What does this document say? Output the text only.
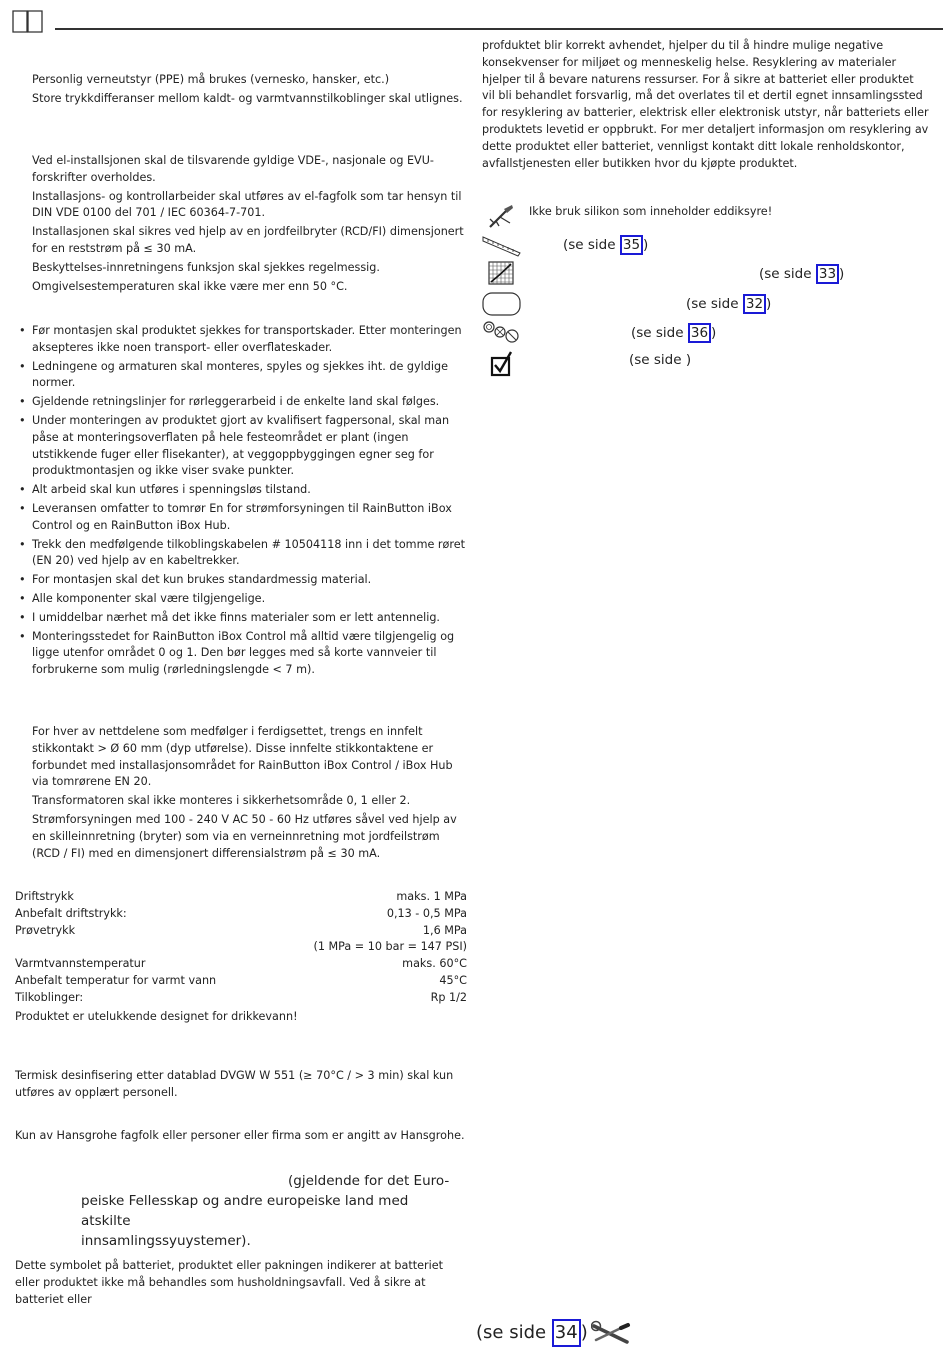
Personlig verneutstyr (PPE) må brukes (vernesko, hansker, etc.)

Store trykkdifferanser mellom kaldt- og varmtvannstilkoblinger skal utlignes.

Ved el-installsjonen skal de tilsvarende gyldige VDE-, nasjonale og EVU-forskrifter overholdes.

Installasjons- og kontrollarbeider skal utføres av el-fagfolk som tar hensyn til DIN VDE 0100 del 701 / IEC 60364-7-701.

Installasjonen skal sikres ved hjelp av en jordfeilbryter (RCD/FI) dimensjonert for en reststrøm på ≤ 30 mA.

Beskyttelses-innretningens funksjon skal sjekkes regelmessig.

Omgivelsestemperaturen skal ikke være mer enn 50 °C.

• Før montasjen skal produktet sjekkes for transportskader. Etter monteringen aksepteres ikke noen transport- eller overflateskader.
• Ledningene og armaturen skal monteres, spyles og sjekkes iht. de gyldige normer.
• Gjeldende retningslinjer for rørleggerarbeid i de enkelte land skal følges.
• Under monteringen av produktet gjort av kvalifisert fagpersonal, skal man påse at monteringsoverflaten på hele festeområdet er plant (ingen utstikkende fuger eller flisekanter), at veggoppbyggingen egner seg for produktmontasjen og ikke viser svake punkter.
• Alt arbeid skal kun utføres i spenningsløs tilstand.
• Leveransen omfatter to tomrør En for strømforsyningen til RainButton iBox Control og en RainButton iBox Hub.
• Trekk den medfølgende tilkoblingskabelen # 10504118 inn i det tomme røret (EN 20) ved hjelp av en kabeltrekker.
• For montasjen skal det kun brukes standardmessig material.
• Alle komponenter skal være tilgjengelige.
• I umiddelbar nærhet må det ikke finns materialer som er lett antennelig.
• Monteringsstedet for RainButton iBox Control må alltid være tilgjengelig og ligge utenfor området 0 og 1. Den bør legges med så korte vannveier til forbrukerne som mulig (rørledningslengde < 7 m).

For hver av nettdelene som medfølger i ferdigsettet, trengs en innfelt stikkontakt > Ø 60 mm (dyp utførelse). Disse innfelte stikkontaktene er forbundet med installasjonsområdet for RainButton iBox Control / iBox Hub via tomrørene EN 20.

Transformatoren skal ikke monteres i sikkerhetsområde 0, 1 eller 2.

Strømforsyningen med 100 - 240 V AC 50 - 60 Hz utføres såvel ved hjelp av en skilleinnretning (bryter) som via en verneinnretning mot jordfeilstrøm (RCD / FI) med en dimensjonert differensialstrøm på ≤ 30 mA.

Driftstrykk	maks. 1 MPa
Anbefalt driftstrykk:	0,13 - 0,5 MPa
Prøvetrykk	1,6 MPa
(1 MPa = 10 bar = 147 PSI)
Varmtvannstemperatur	maks. 60°C
Anbefalt temperatur for varmt vann	45°C
Tilkoblinger:	Rp 1/2

Produktet er utelukkende designet for drikkevann!

Termisk desinfisering etter datablad DVGW W 551 (≥ 70°C / > 3 min) skal kun utføres av opplært personell.

Kun av Hansgrohe fagfolk eller personer eller firma som er angitt av Hansgrohe.

(gjeldende for det Euro-
peiske Fellesskap og andre europeiske land med atskilte
innsamlingssyuystemer).

Dette symbolet på batteriet, produktet eller pakningen indikerer at batteriet eller produktet ikke må behandles som husholdningsavfall. Ved å sikre at batteriet eller

profduktet blir korrekt avhendet, hjelper du til å hindre mulige negative konsekvenser for miljøet og menneskelig helse. Resyklering av materialer hjelper til å bevare naturens ressurser. For å sikre at batteriet eller produktet vil bli behandlet forsvarlig, må det overlates til et dertil egnet innsamlingssted for resyklering av batterier, elektrisk eller elektronisk utstyr, når batteriets eller produktets levetid er oppbrukt. For mer detaljert informasjon om resyklering av dette produktet eller batteriet, vennligst kontakt ditt lokale renholdskontor, avfallstjenesten eller butikken hvor du kjøpte produktet.

Ikke bruk silikon som inneholder eddiksyre!
(se side 35 )
(se side 33 )
(se side 32 )
(se side 36 )
(se side )
(se side 34 )
